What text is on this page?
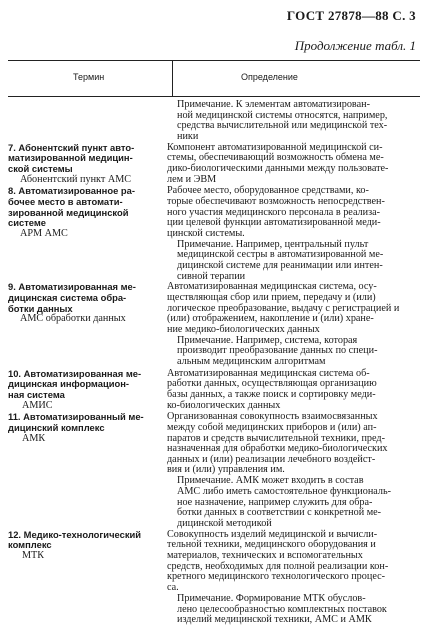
ГОСТ 27878—88 С. 3
Продолжение табл. 1
Термин	Определение
Примечание. К элементам автоматизирован-
ной медицинской системы относятся, например,
средства вычислительной или медицинской тех-
ники
7. Абонентский пункт авто-
матизированной медицин-
ской системы
Абонентский пункт АМС
Компонент автоматизированной медицинской си-
стемы, обеспечивающий возможность обмена ме-
дико-биологическими данными между пользовате-
лем и ЭВМ
8. Автоматизированное ра-
бочее место в автомати-
зированной медицинской
системе
АРМ АМС
Рабочее место, оборудованное средствами, ко-
торые обеспечивают возможность непосредствен-
ного участия медицинского персонала в реализа-
ции целевой функции автоматизированной меди-
цинской системы.
Примечание. Например, центральный пульт
медицинской сестры в автоматизированной ме-
дицинской системе для реанимации или интен-
сивной терапии
9. Автоматизированная ме-
дицинская система обра-
ботки данных
АМС обработки данных
Автоматизированная медицинская система, осу-
ществляющая сбор или прием, передачу и (или)
логическое преобразование, выдачу с регистрацией и
(или) отображением, накопление и (или) хране-
ние медико-биологических данных
Примечание. Например, система, которая
производит преобразование данных по специ-
альным медицинским алгоритмам
10. Автоматизированная ме-
дицинская информацион-
ная система
АМИС
Автоматизированная медицинская система об-
работки данных, осуществляющая организацию
базы данных, а также поиск и сортировку меди-
ко-биологических данных
11. Автоматизированный ме-
дицинский комплекс
АМК
Организованная совокупность взаимосвязанных
между собой медицинских приборов и (или) ап-
паратов и средств вычислительной техники, пред-
назначенная для обработки медико-биологических
данных и (или) реализации лечебного воздейст-
вия и (или) управления им.
Примечание. АМК может входить в состав
АМС либо иметь самостоятельное функциональ-
ное назначение, например служить для обра-
ботки данных в соответствии с конкретной ме-
дицинской методикой
12. Медико-технологический
комплекс
МТК
Совокупность изделий медицинской и вычисли-
тельной техники, медицинского оборудования и
материалов, технических и вспомогательных
средств, необходимых для полной реализации кон-
кретного медицинского технологического процес-
са.
Примечание. Формирование МТК обуслов-
лено целесообразностью комплектных поставок
изделий медицинской техники, АМС и АМК
